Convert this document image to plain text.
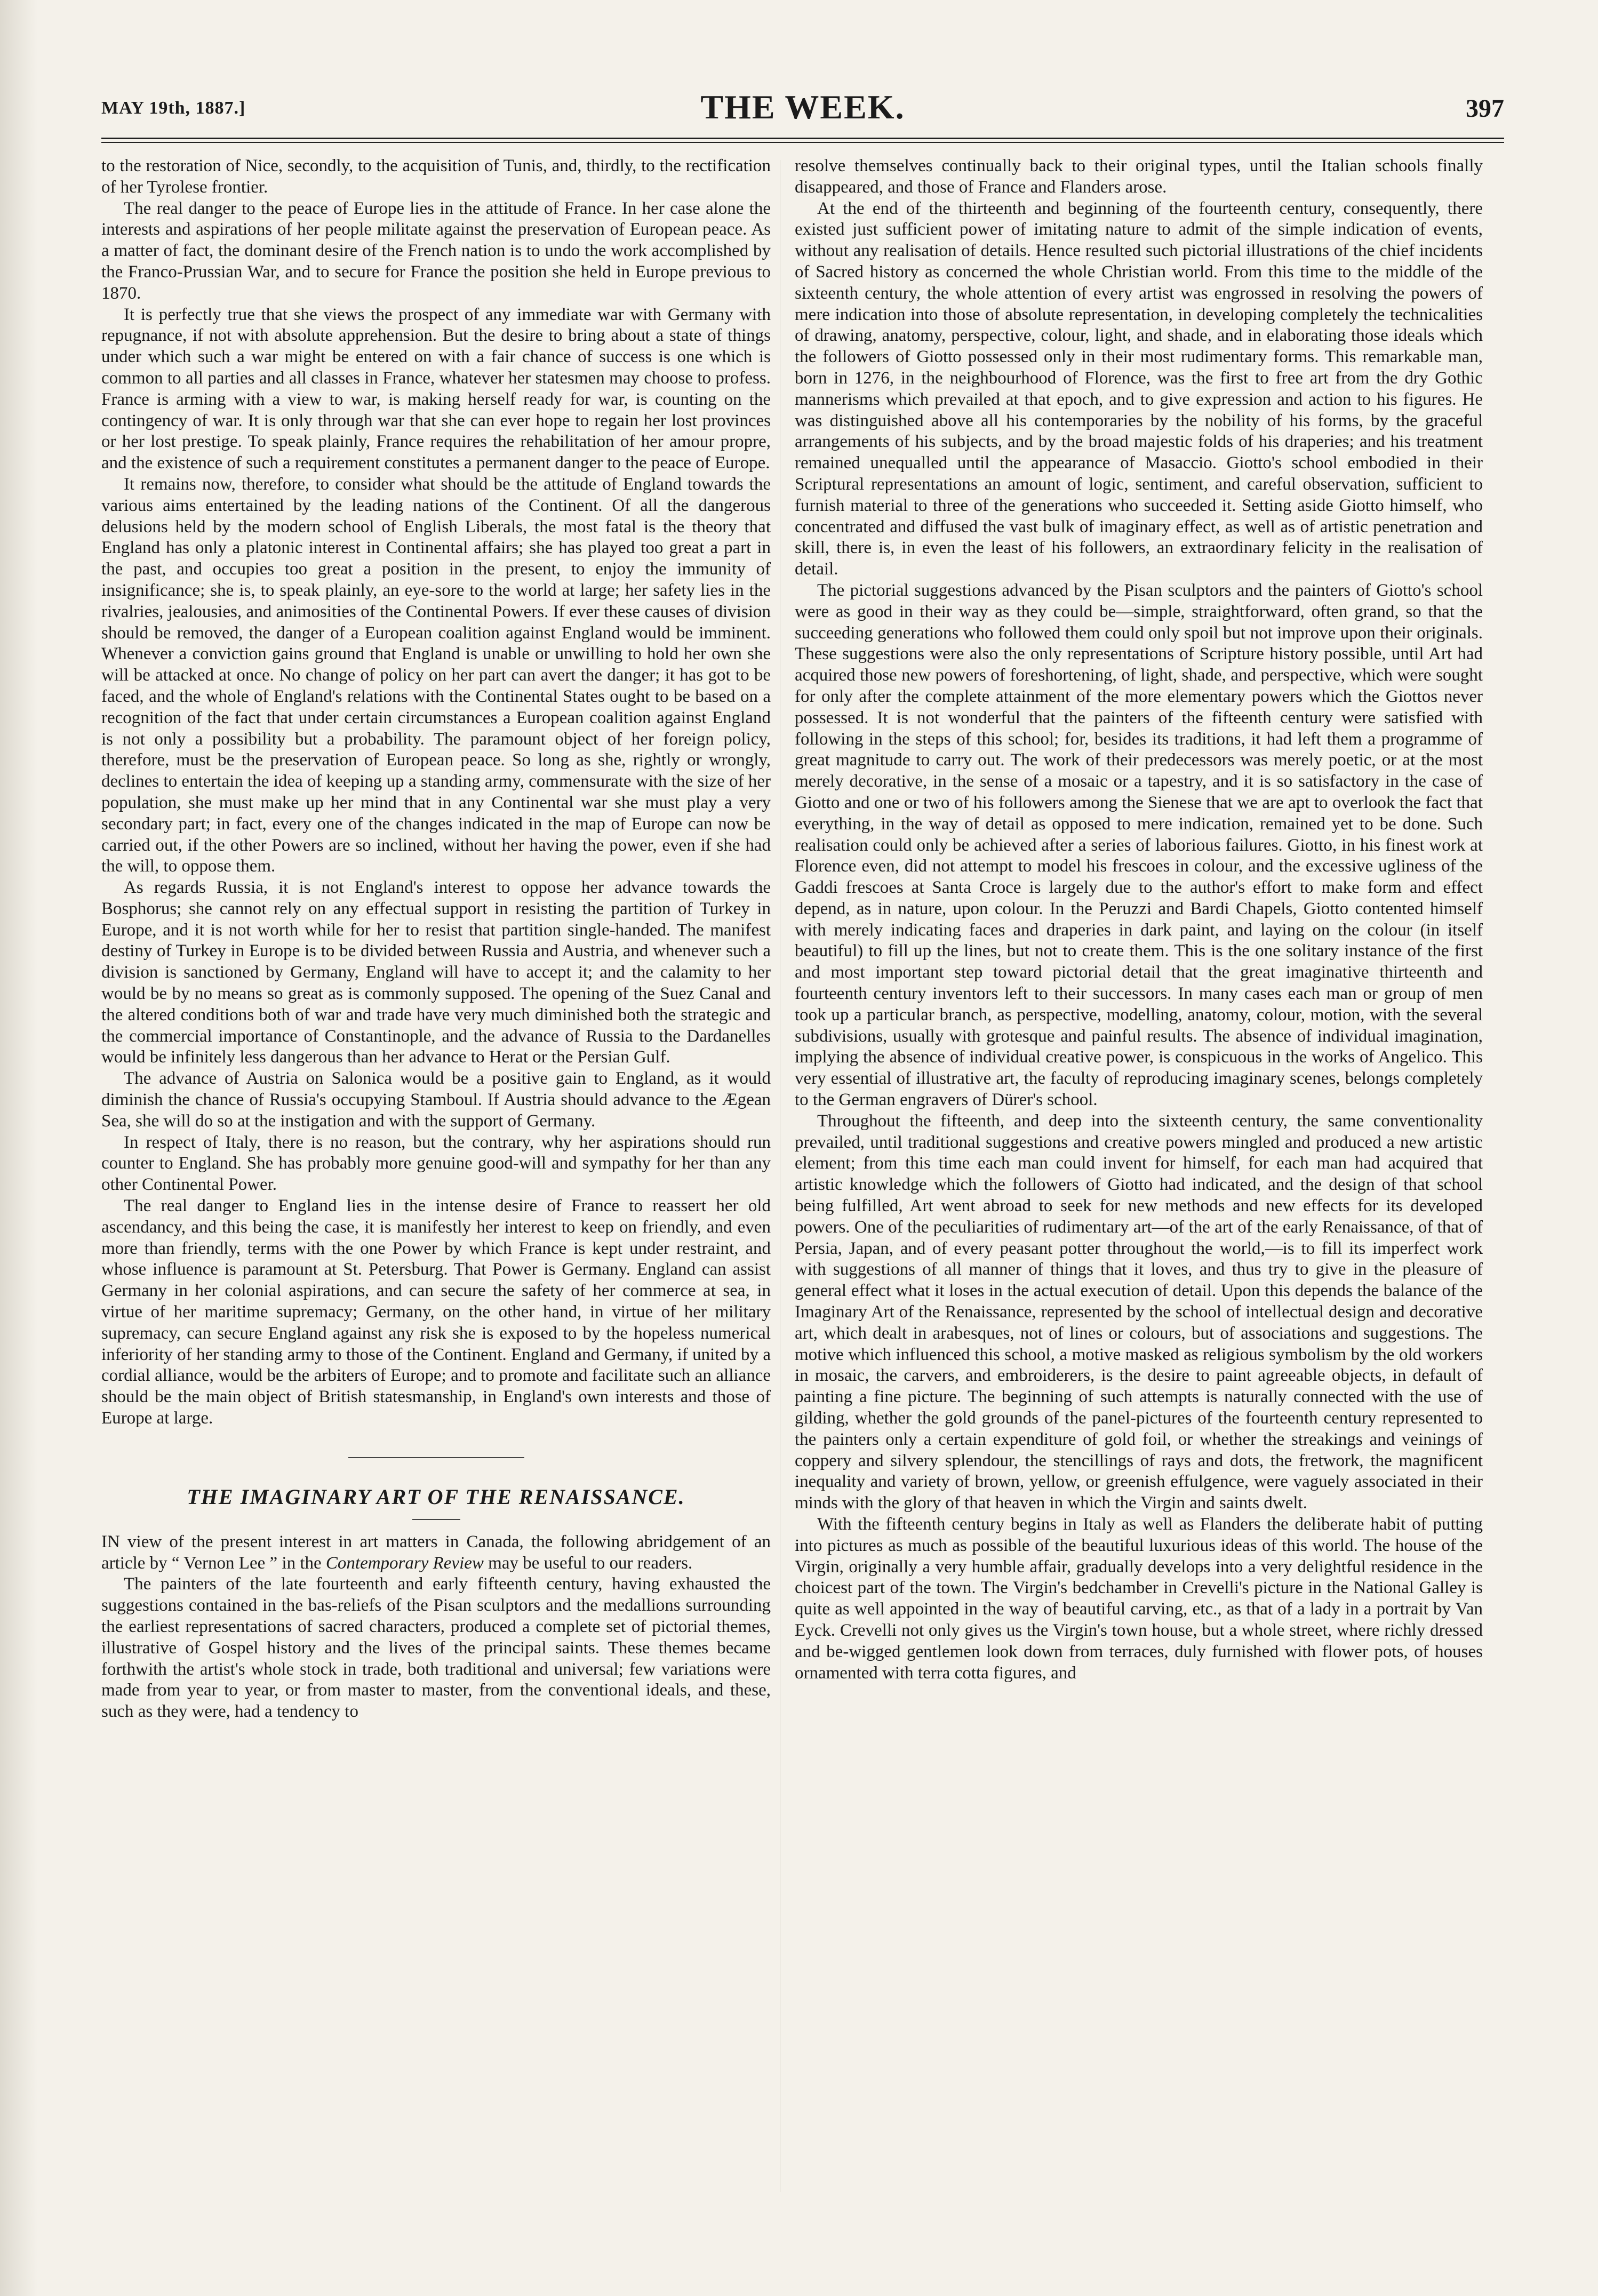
MAY 19th, 1887.]	THE WEEK.	397

to the restoration of Nice, secondly, to the acquisition of Tunis, and, thirdly, to the rectification of her Tyrolese frontier.

The real danger to the peace of Europe lies in the attitude of France. In her case alone the interests and aspirations of her people militate against the preservation of European peace. As a matter of fact, the dominant desire of the French nation is to undo the work accomplished by the Franco-Prussian War, and to secure for France the position she held in Europe previous to 1870.

It is perfectly true that she views the prospect of any immediate war with Germany with repugnance, if not with absolute apprehension. But the desire to bring about a state of things under which such a war might be entered on with a fair chance of success is one which is common to all parties and all classes in France, whatever her statesmen may choose to profess. France is arming with a view to war, is making herself ready for war, is counting on the contingency of war. It is only through war that she can ever hope to regain her lost provinces or her lost prestige. To speak plainly, France requires the rehabilitation of her amour propre, and the existence of such a requirement constitutes a permanent danger to the peace of Europe.

It remains now, therefore, to consider what should be the attitude of England towards the various aims entertained by the leading nations of the Continent. Of all the dangerous delusions held by the modern school of English Liberals, the most fatal is the theory that England has only a platonic interest in Continental affairs; she has played too great a part in the past, and occupies too great a position in the present, to enjoy the immunity of insignificance; she is, to speak plainly, an eye-sore to the world at large; her safety lies in the rivalries, jealousies, and animosities of the Continental Powers. If ever these causes of division should be removed, the danger of a European coalition against England would be imminent. Whenever a conviction gains ground that England is unable or unwilling to hold her own she will be attacked at once. No change of policy on her part can avert the danger; it has got to be faced, and the whole of England's relations with the Continental States ought to be based on a recognition of the fact that under certain circumstances a European coalition against England is not only a possibility but a probability. The paramount object of her foreign policy, therefore, must be the preservation of European peace. So long as she, rightly or wrongly, declines to entertain the idea of keeping up a standing army, commensurate with the size of her population, she must make up her mind that in any Continental war she must play a very secondary part; in fact, every one of the changes indicated in the map of Europe can now be carried out, if the other Powers are so inclined, without her having the power, even if she had the will, to oppose them.

As regards Russia, it is not England's interest to oppose her advance towards the Bosphorus; she cannot rely on any effectual support in resisting the partition of Turkey in Europe, and it is not worth while for her to resist that partition single-handed. The manifest destiny of Turkey in Europe is to be divided between Russia and Austria, and whenever such a division is sanctioned by Germany, England will have to accept it; and the calamity to her would be by no means so great as is commonly supposed. The opening of the Suez Canal and the altered conditions both of war and trade have very much diminished both the strategic and the commercial importance of Constantinople, and the advance of Russia to the Dardanelles would be infinitely less dangerous than her advance to Herat or the Persian Gulf.

The advance of Austria on Salonica would be a positive gain to England, as it would diminish the chance of Russia's occupying Stamboul. If Austria should advance to the Ægean Sea, she will do so at the instigation and with the support of Germany.

In respect of Italy, there is no reason, but the contrary, why her aspirations should run counter to England. She has probably more genuine good-will and sympathy for her than any other Continental Power.

The real danger to England lies in the intense desire of France to reassert her old ascendancy, and this being the case, it is manifestly her interest to keep on friendly, and even more than friendly, terms with the one Power by which France is kept under restraint, and whose influence is paramount at St. Petersburg. That Power is Germany. England can assist Germany in her colonial aspirations, and can secure the safety of her commerce at sea, in virtue of her maritime supremacy; Germany, on the other hand, in virtue of her military supremacy, can secure England against any risk she is exposed to by the hopeless numerical inferiority of her standing army to those of the Continent. England and Germany, if united by a cordial alliance, would be the arbiters of Europe; and to promote and facilitate such an alliance should be the main object of British statesmanship, in England's own interests and those of Europe at large.

THE IMAGINARY ART OF THE RENAISSANCE.

IN view of the present interest in art matters in Canada, the following abridgement of an article by “ Vernon Lee ” in the Contemporary Review may be useful to our readers.

The painters of the late fourteenth and early fifteenth century, having exhausted the suggestions contained in the bas-reliefs of the Pisan sculptors and the medallions surrounding the earliest representations of sacred characters, produced a complete set of pictorial themes, illustrative of Gospel history and the lives of the principal saints. These themes became forthwith the artist's whole stock in trade, both traditional and universal; few variations were made from year to year, or from master to master, from the conventional ideals, and these, such as they were, had a tendency to

resolve themselves continually back to their original types, until the Italian schools finally disappeared, and those of France and Flanders arose.

At the end of the thirteenth and beginning of the fourteenth century, consequently, there existed just sufficient power of imitating nature to admit of the simple indication of events, without any realisation of details. Hence resulted such pictorial illustrations of the chief incidents of Sacred history as concerned the whole Christian world. From this time to the middle of the sixteenth century, the whole attention of every artist was engrossed in resolving the powers of mere indication into those of absolute representation, in developing completely the technicalities of drawing, anatomy, perspective, colour, light, and shade, and in elaborating those ideals which the followers of Giotto possessed only in their most rudimentary forms. This remarkable man, born in 1276, in the neighbourhood of Florence, was the first to free art from the dry Gothic mannerisms which prevailed at that epoch, and to give expression and action to his figures. He was distinguished above all his contemporaries by the nobility of his forms, by the graceful arrangements of his subjects, and by the broad majestic folds of his draperies; and his treatment remained unequalled until the appearance of Masaccio. Giotto's school embodied in their Scriptural representations an amount of logic, sentiment, and careful observation, sufficient to furnish material to three of the generations who succeeded it. Setting aside Giotto himself, who concentrated and diffused the vast bulk of imaginary effect, as well as of artistic penetration and skill, there is, in even the least of his followers, an extraordinary felicity in the realisation of detail.

The pictorial suggestions advanced by the Pisan sculptors and the painters of Giotto's school were as good in their way as they could be—simple, straightforward, often grand, so that the succeeding generations who followed them could only spoil but not improve upon their originals. These suggestions were also the only representations of Scripture history possible, until Art had acquired those new powers of foreshortening, of light, shade, and perspective, which were sought for only after the complete attainment of the more elementary powers which the Giottos never possessed. It is not wonderful that the painters of the fifteenth century were satisfied with following in the steps of this school; for, besides its traditions, it had left them a programme of great magnitude to carry out. The work of their predecessors was merely poetic, or at the most merely decorative, in the sense of a mosaic or a tapestry, and it is so satisfactory in the case of Giotto and one or two of his followers among the Sienese that we are apt to overlook the fact that everything, in the way of detail as opposed to mere indication, remained yet to be done. Such realisation could only be achieved after a series of laborious failures. Giotto, in his finest work at Florence even, did not attempt to model his frescoes in colour, and the excessive ugliness of the Gaddi frescoes at Santa Croce is largely due to the author's effort to make form and effect depend, as in nature, upon colour. In the Peruzzi and Bardi Chapels, Giotto contented himself with merely indicating faces and draperies in dark paint, and laying on the colour (in itself beautiful) to fill up the lines, but not to create them. This is the one solitary instance of the first and most important step toward pictorial detail that the great imaginative thirteenth and fourteenth century inventors left to their successors. In many cases each man or group of men took up a particular branch, as perspective, modelling, anatomy, colour, motion, with the several subdivisions, usually with grotesque and painful results. The absence of individual imagination, implying the absence of individual creative power, is conspicuous in the works of Angelico. This very essential of illustrative art, the faculty of reproducing imaginary scenes, belongs completely to the German engravers of Dürer's school.

Throughout the fifteenth, and deep into the sixteenth century, the same conventionality prevailed, until traditional suggestions and creative powers mingled and produced a new artistic element; from this time each man could invent for himself, for each man had acquired that artistic knowledge which the followers of Giotto had indicated, and the design of that school being fulfilled, Art went abroad to seek for new methods and new effects for its developed powers. One of the peculiarities of rudimentary art—of the art of the early Renaissance, of that of Persia, Japan, and of every peasant potter throughout the world,—is to fill its imperfect work with suggestions of all manner of things that it loves, and thus try to give in the pleasure of general effect what it loses in the actual execution of detail. Upon this depends the balance of the Imaginary Art of the Renaissance, represented by the school of intellectual design and decorative art, which dealt in arabesques, not of lines or colours, but of associations and suggestions. The motive which influenced this school, a motive masked as religious symbolism by the old workers in mosaic, the carvers, and embroiderers, is the desire to paint agreeable objects, in default of painting a fine picture. The beginning of such attempts is naturally connected with the use of gilding, whether the gold grounds of the panel-pictures of the fourteenth century represented to the painters only a certain expenditure of gold foil, or whether the streakings and veinings of coppery and silvery splendour, the stencillings of rays and dots, the fretwork, the magnificent inequality and variety of brown, yellow, or greenish effulgence, were vaguely associated in their minds with the glory of that heaven in which the Virgin and saints dwelt.

With the fifteenth century begins in Italy as well as Flanders the deliberate habit of putting into pictures as much as possible of the beautiful luxurious ideas of this world. The house of the Virgin, originally a very humble affair, gradually develops into a very delightful residence in the choicest part of the town. The Virgin's bedchamber in Crevelli's picture in the National Galley is quite as well appointed in the way of beautiful carving, etc., as that of a lady in a portrait by Van Eyck. Crevelli not only gives us the Virgin's town house, but a whole street, where richly dressed and be-wigged gentlemen look down from terraces, duly furnished with flower pots, of houses ornamented with terra cotta figures, and
